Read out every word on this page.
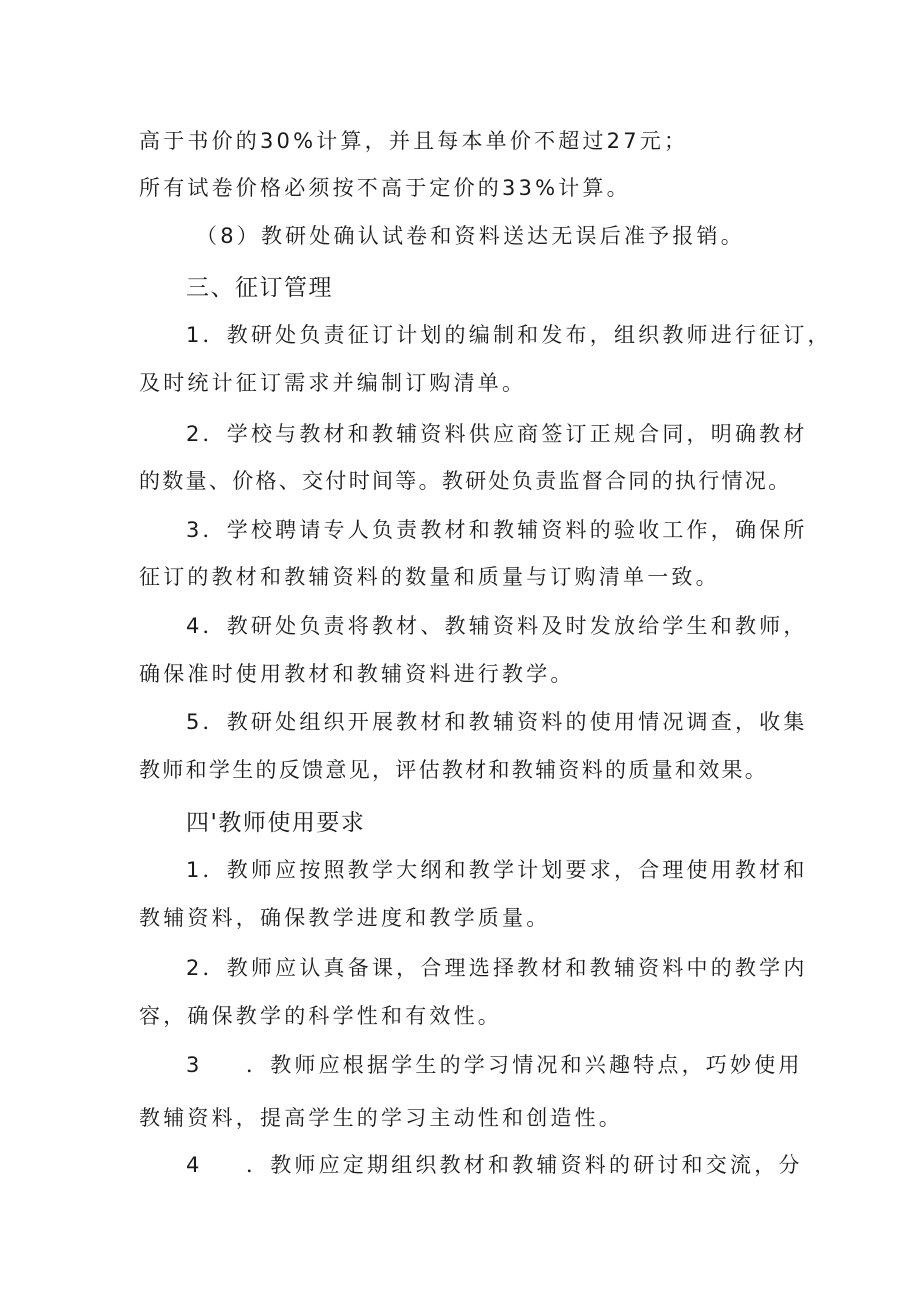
高于书价的30%计算，并且每本单价不超过27元；
所有试卷价格必须按不高于定价的33%计算。
（8）教研处确认试卷和资料送达无误后准予报销。
三、征订管理
1．教研处负责征订计划的编制和发布，组织教师进行征订，
及时统计征订需求并编制订购清单。
2．学校与教材和教辅资料供应商签订正规合同，明确教材
的数量、价格、交付时间等。教研处负责监督合同的执行情况。
3．学校聘请专人负责教材和教辅资料的验收工作，确保所
征订的教材和教辅资料的数量和质量与订购清单一致。
4．教研处负责将教材、教辅资料及时发放给学生和教师，
确保准时使用教材和教辅资料进行教学。
5．教研处组织开展教材和教辅资料的使用情况调查，收集
教师和学生的反馈意见，评估教材和教辅资料的质量和效果。
四'教师使用要求
1．教师应按照教学大纲和教学计划要求，合理使用教材和
教辅资料，确保教学进度和教学质量。
2．教师应认真备课，合理选择教材和教辅资料中的教学内
容，确保教学的科学性和有效性。
3 ．教师应根据学生的学习情况和兴趣特点，巧妙使用
教辅资料，提高学生的学习主动性和创造性。
4 ．教师应定期组织教材和教辅资料的研讨和交流，分
